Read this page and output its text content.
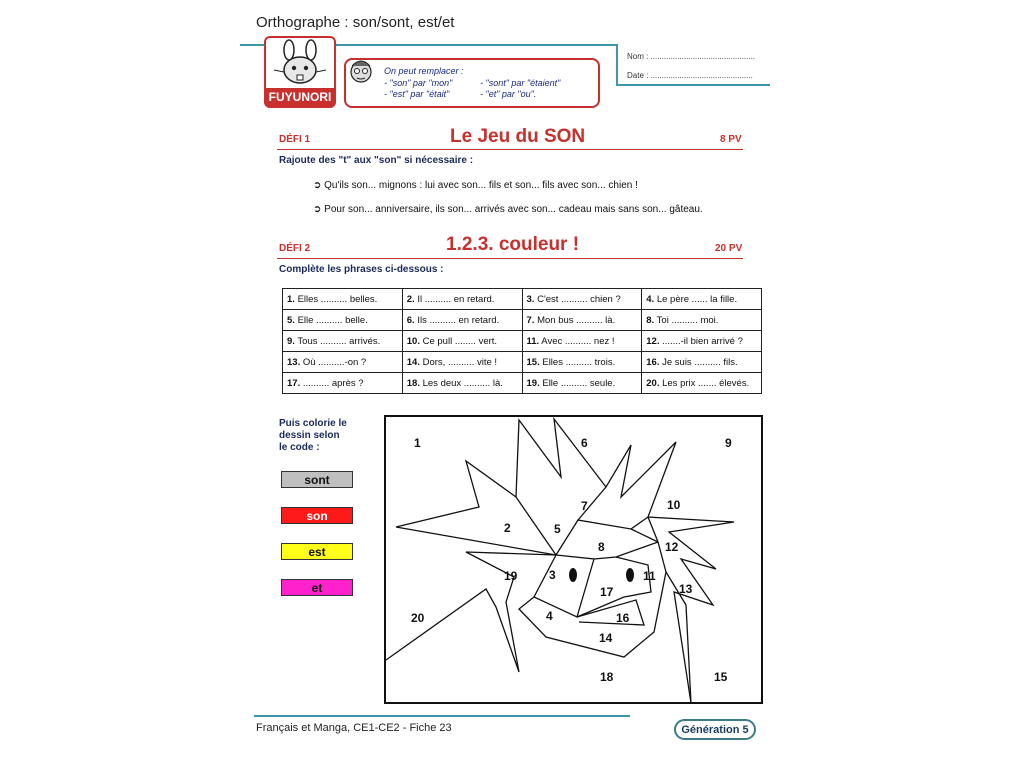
Orthographe : son/sont, est/et
Nom : ...............................................
Date : ..............................................
FUYUNORI
On peut remplacer :
- "son" par "mon"	- "sont" par "étaient"
- "est" par "était"	- "et" par "ou".
DÉFI 1	Le Jeu du SON	8 PV
Rajoute des "t" aux "son" si nécessaire :
➲ Qu'ils son... mignons : lui avec son... fils et son... fils avec son... chien !
➲ Pour son... anniversaire, ils son... arrivés avec son... cadeau mais sans son... gâteau.
DÉFI 2	1.2.3. couleur !	20 PV
Complète les phrases ci-dessous :
1. Elles .......... belles.	2. Il .......... en retard.	3. C'est .......... chien ?	4. Le père ...... la fille.
5. Elle .......... belle.	6. Ils .......... en retard.	7. Mon bus .......... là.	8. Toi .......... moi.
9. Tous .......... arrivés.	10. Ce pull ........ vert.	11. Avec .......... nez !	12. .......-il bien arrivé ?
13. Où ..........-on ?	14. Dors, .......... vite !	15. Elles .......... trois.	16. Je suis .......... fils.
17. .......... après ?	18. Les deux .......... là.	19. Elle .......... seule.	20. Les prix ....... élevés.
Puis colorie le
dessin selon
le code :
sont
son
est
et
1
2
3
4
5
6
7
8
9
10
11
12
13
14
15
16
17
18
19
20
Français et Manga, CE1-CE2 - Fiche 23	Génération 5
